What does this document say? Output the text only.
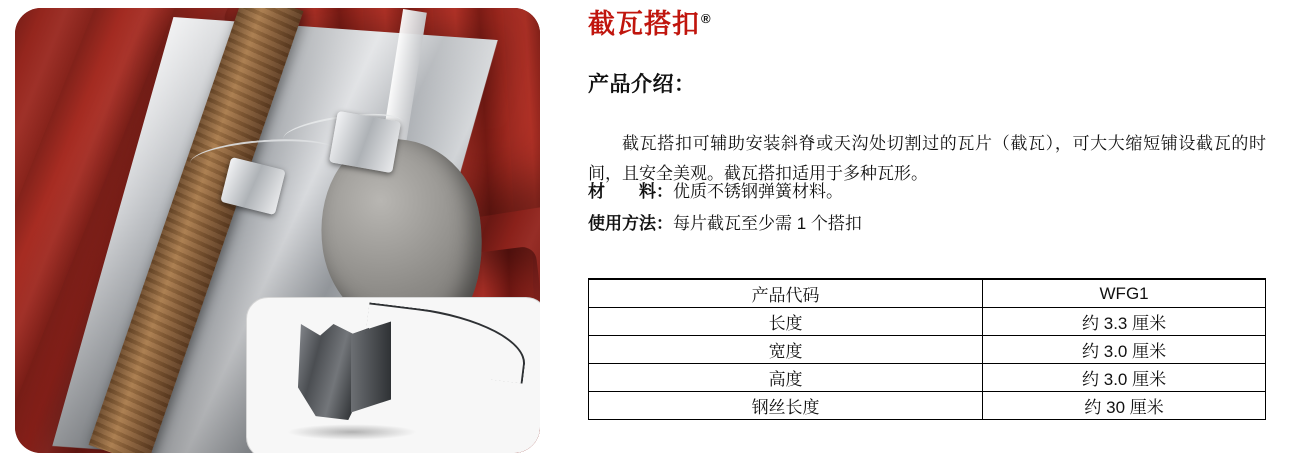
截瓦搭扣 ®
产品介绍：

截瓦搭扣可辅助安装斜脊或天沟处切割过的瓦片（截瓦），可大大缩短铺设截瓦的时间，且安全美观。截瓦搭扣适用于多种瓦形。

材　　料： 优质不锈钢弹簧材料。
使用方法： 每片截瓦至少需 1 个搭扣
产品代码	WFG1
长度	约 3.3 厘米
宽度	约 3.0 厘米
高度	约 3.0 厘米
钢丝长度	约 30 厘米
